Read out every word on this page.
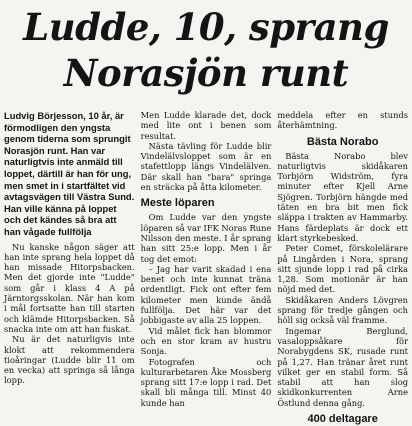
Ludde, 10, sprang
Norasjön runt

Ludvig Börjesson, 10 år, är förmodligen den yngsta genom tiderna som sprungit Norasjön runt. Han var naturligtvis inte anmäld till loppet, därtill är han för ung, men smet in i startfältet vid avtagsvägen till Västra Sund. Han ville känna på loppet och det kändes så bra att han vågade fullfölja

Nu kanske någon säger att han inte sprang hela loppet då han missade Hitorpsbacken. Men det gjorde inte "Ludde" som går i klass 4 A på Järntorgsskolan. När han kom i mål fortsatte han till starten och klämde Hitorpsbacken. Så snacka inte om att han fuskat.

Nu är det naturligvis inte klokt att rekommendera tioåringar (Ludde blir 11 om en vecka) att springa så långa lopp.

Men Ludde klarade det, dock med lite ont i benen som resultat.

Nästa tävling för Ludde blir Vindelälvsloppet som är en stafettlopp längs Vindelälven. Där skall han "bara" springa en sträcka på åtta kilometer.

Meste löparen

Om Ludde var den yngste löparen så var IFK Noras Rune Nilsson den meste. I år sprang han sitt 25:e lopp. Men i år tog det emot:

– Jag har varit skadad i ena benet och inte kunnat träna ordentligt. Fick ont efter fem kilometer men kunde ändå fullfölja. Det här var det jobbigaste av alla 25 loppen.

Vid målet fick han blommor och en stor kram av hustru Sonja.

Fotografen och kulturarbetaren Åke Mossberg sprang sitt 17:e lopp i rad. Det skall bli många till. Minst 40 kunde han

meddela efter en stunds återhämtning.

Bästa Norabo

Bästa Norabo blev naturligtvis skidåkaren Torbjörn Widström, fyra minuter efter Kjell Arne Sjögren. Torbjörn hängde med täten en bra bit men fick släppa i trakten av Hammarby. Hans färdeplats är dock ett klart styrkebesked.

Peter Comet, förskolelärare på Lingården i Nora, sprang sitt sjunde lopp i rad på cirka 1,28. Som motionär är han nöjd med det.

Skidåkaren Anders Lövgren sprang för tredje gången och höll sig också väl framme.

Ingemar Berglund, vasaloppsåkare för Norabygdens SK, rusade runt på 1,27. Han tränar året runt vilket ger en stabil form. Så stabil att han slog skidkonkurrenten Arne Östlund denna gång.

400 deltagare
